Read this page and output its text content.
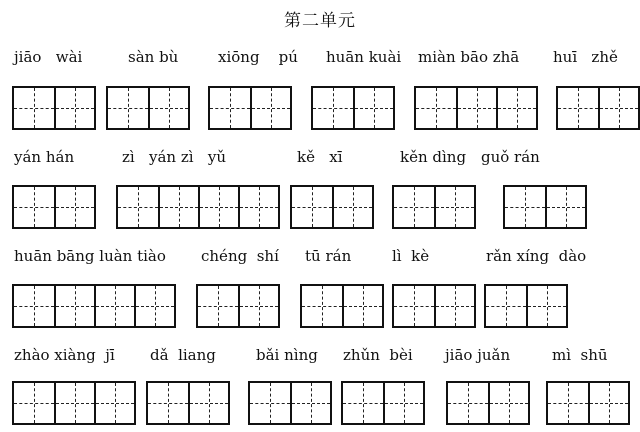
第二单元
jiāo   wài	sàn bù	xiōng    pú huān kuài miàn bāo zhā huī   zhě
yán hán	zì   yán zì   yǔ	kě   xī	kěn dìng guǒ rán
huān bāng luàn tiào chéng  shí tū rán	lì  kè	rǎn xíng  dào
zhào xiàng  jī dǎ  liang	bǎi nìng zhǔn  bèi jiāo juǎn	mì  shū
